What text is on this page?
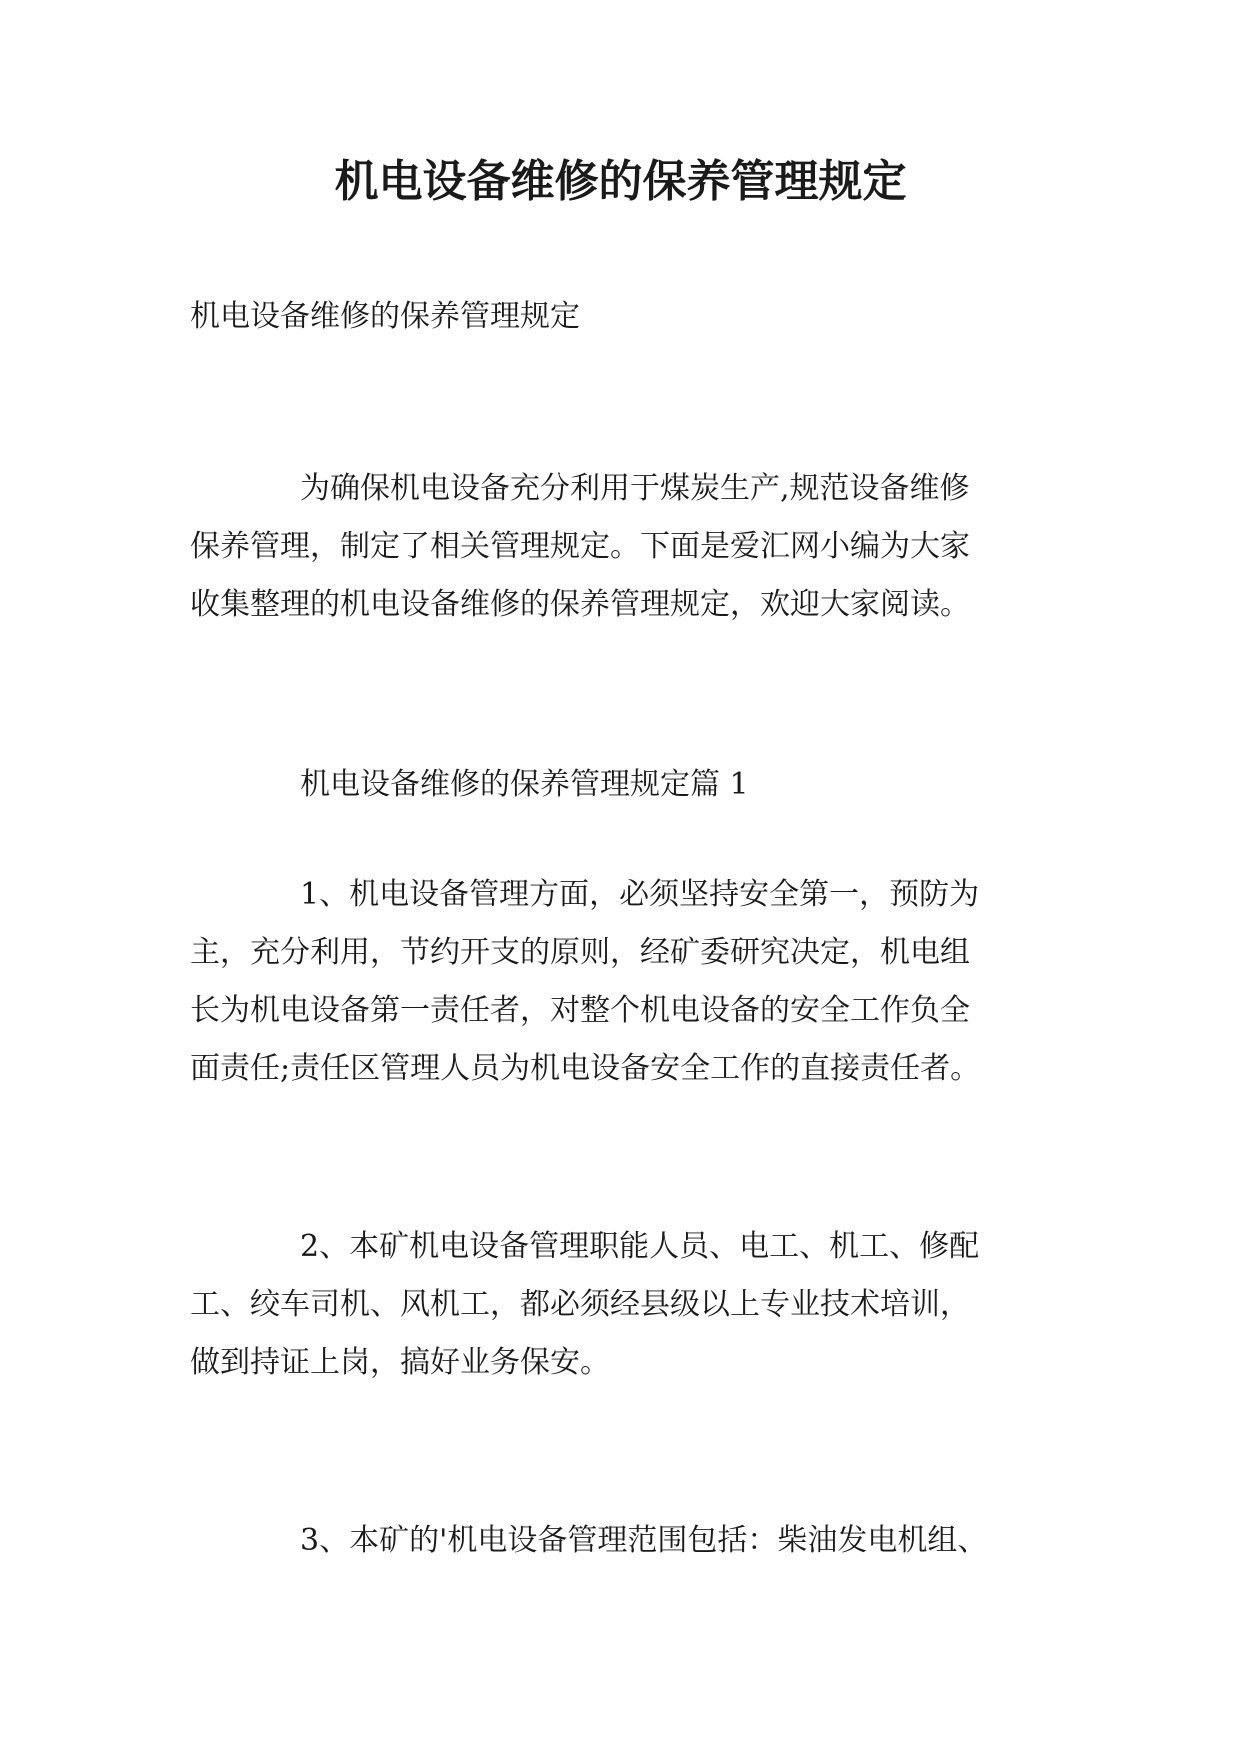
机电设备维修的保养管理规定

机电设备维修的保养管理规定

为确保机电设备充分利用于煤炭生产,规范设备维修
保养管理，制定了相关管理规定。下面是爱汇网小编为大家
收集整理的机电设备维修的保养管理规定，欢迎大家阅读。

机电设备维修的保养管理规定篇 1

1、机电设备管理方面，必须坚持安全第一，预防为
主，充分利用，节约开支的原则，经矿委研究决定，机电组
长为机电设备第一责任者，对整个机电设备的安全工作负全
面责任;责任区管理人员为机电设备安全工作的直接责任者。
2、本矿机电设备管理职能人员、电工、机工、修配
工、绞车司机、风机工，都必须经县级以上专业技术培训，
做到持证上岗，搞好业务保安。
3、本矿的'机电设备管理范围包括：柴油发电机组、
